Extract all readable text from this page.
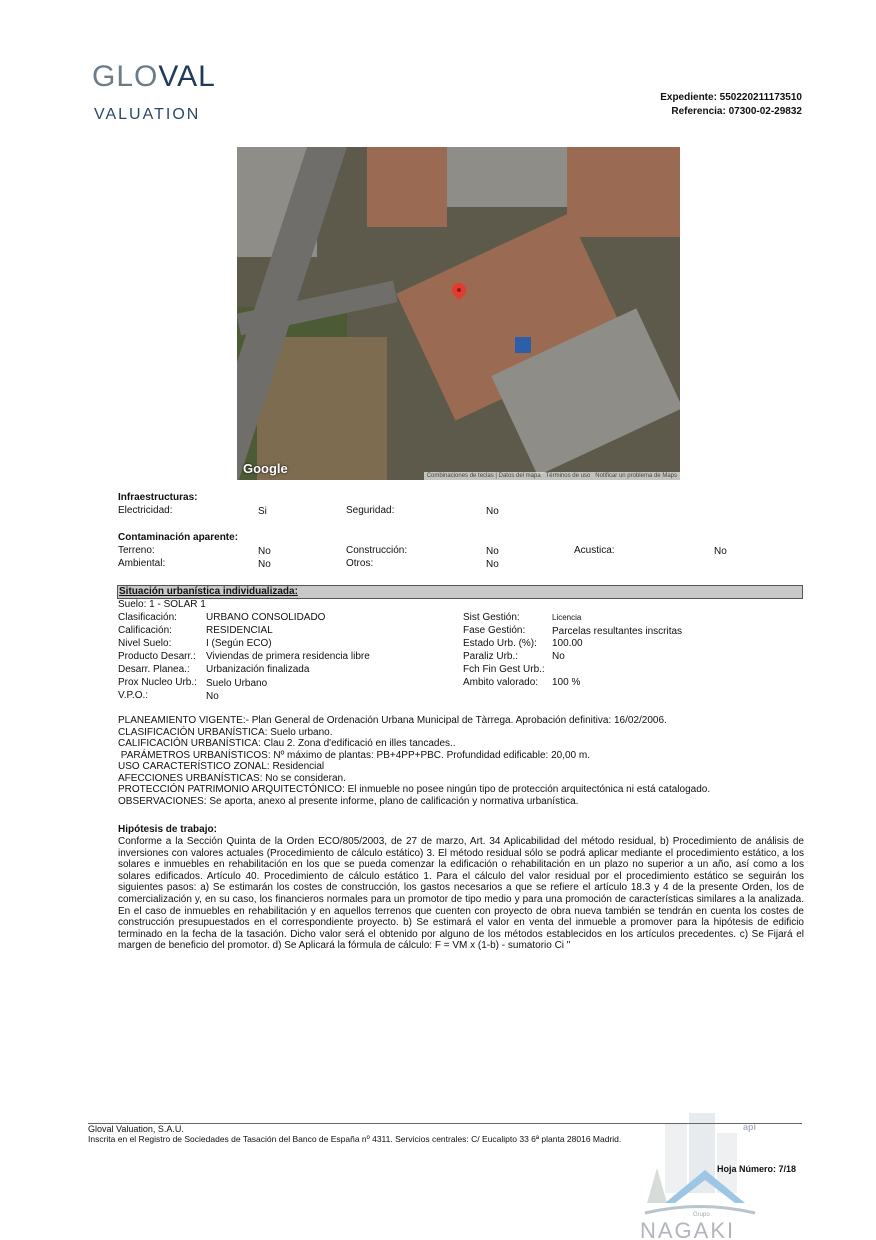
GLOVAL
VALUATION
Expediente: 550220211173510
Referencia: 07300-02-29832
Google	Combinaciones de teclas | Datos del mapa Términos de uso Notificar un problema de Maps
Infraestructuras:
Electricidad:	Si	Seguridad:	No
Contaminación aparente:
Terreno:	No	Construcción:	No	Acustica:	No
Ambiental:	No	Otros:	No
Situación urbanística individualizada:
Suelo: 1 - SOLAR 1
Clasificación:	URBANO CONSOLIDADO
Calificación:	RESIDENCIAL
Nivel Suelo:	I (Según ECO)
Producto Desarr.: Viviendas de primera residencia libre
Desarr. Planea.: Urbanización finalizada
Prox Nucleo Urb.: Suelo Urbano
V.P.O.:	No
Sist Gestión:	Licencia
Fase Gestión:	Parcelas resultantes inscritas
Estado Urb. (%): 100.00
Paraliz Urb.:	No
Fch Fin Gest Urb.:
Ambito valorado: 100 %
PLANEAMIENTO VIGENTE:- Plan General de Ordenación Urbana Municipal de Tàrrega. Aprobación definitiva: 16/02/2006.
CLASIFICACIÓN URBANÍSTICA: Suelo urbano.
CALIFICACIÓN URBANÍSTICA: Clau 2. Zona d'edificació en illes tancades..
PARÁMETROS URBANÍSTICOS: Nº máximo de plantas: PB+4PP+PBC. Profundidad edificable: 20,00 m.
USO CARACTERÍSTICO ZONAL: Residencial
AFECCIONES URBANÍSTICAS: No se consideran.
PROTECCIÓN PATRIMONIO ARQUITECTÓNICO: El inmueble no posee ningún tipo de protección arquitectónica ni está catalogado.
OBSERVACIONES: Se aporta, anexo al presente informe, plano de calificación y normativa urbanística.
Hipótesis de trabajo:
Conforme a la Sección Quinta de la Orden ECO/805/2003, de 27 de marzo, Art. 34 Aplicabilidad del método residual, b) Procedimiento de análisis de inversiones con valores actuales (Procedimiento de cálculo estático) 3. El método residual sólo se podrá aplicar mediante el procedimiento estático, a los solares e inmuebles en rehabilitación en los que se pueda comenzar la edificación o rehabilitación en un plazo no superior a un año, así como a los solares edificados. Artículo 40. Procedimiento de cálculo estático 1. Para el cálculo del valor residual por el procedimiento estático se seguirán los siguientes pasos: a) Se estimarán los costes de construcción, los gastos necesarios a que se refiere el artículo 18.3 y 4 de la presente Orden, los de comercialización y, en su caso, los financieros normales para un promotor de tipo medio y para una promoción de características similares a la analizada. En el caso de inmuebles en rehabilitación y en aquellos terrenos que cuenten con proyecto de obra nueva también se tendrán en cuenta los costes de construcción presupuestados en el correspondiente proyecto. b) Se estimará el valor en venta del inmueble a promover para la hipótesis de edificio terminado en la fecha de la tasación. Dicho valor será el obtenido por alguno de los métodos establecidos en los artículos precedentes. c) Se Fijará el margen de beneficio del promotor. d) Se Aplicará la fórmula de cálculo: F = VM x (1-b) - sumatorio Ci "
api
Grupo
NAGAKI
Gloval Valuation, S.A.U.
Inscrita en el Registro de Sociedades de Tasación del Banco de España nº 4311. Servicios centrales: C/ Eucalipto 33 6ª planta 28016 Madrid.
Hoja Número: 7/18
